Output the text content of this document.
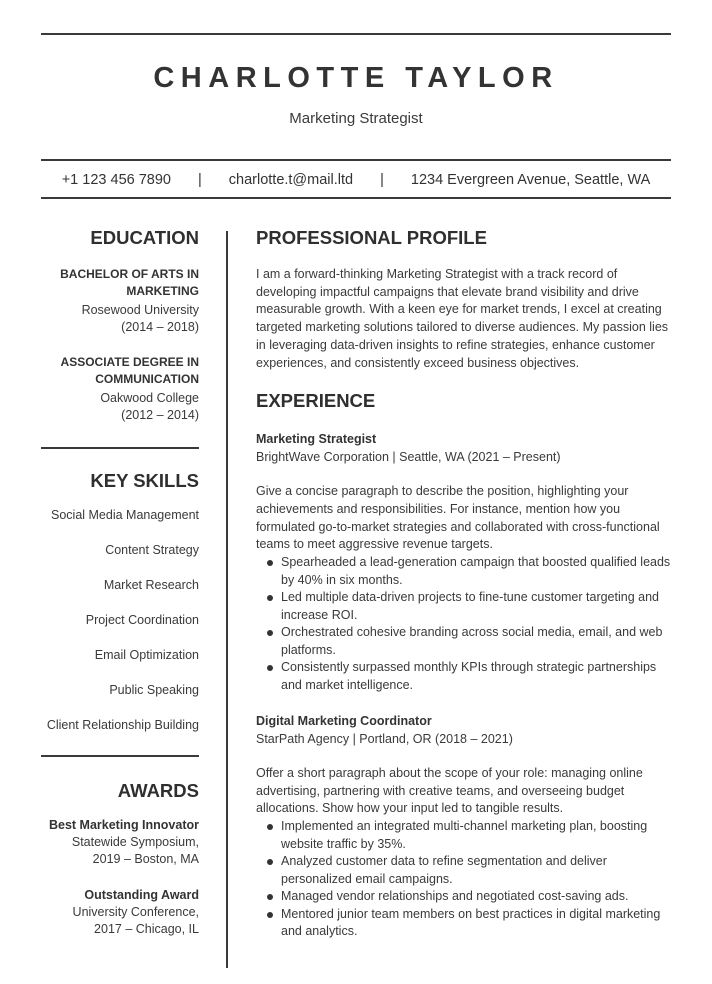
CHARLOTTE TAYLOR
Marketing Strategist
+1 123 456 7890 | charlotte.t@mail.ltd | 1234 Evergreen Avenue, Seattle, WA
EDUCATION
BACHELOR OF ARTS IN MARKETING
Rosewood University
(2014 – 2018)
ASSOCIATE DEGREE IN COMMUNICATION
Oakwood College
(2012 – 2014)
KEY SKILLS
Social Media Management
Content Strategy
Market Research
Project Coordination
Email Optimization
Public Speaking
Client Relationship Building
AWARDS
Best Marketing Innovator
Statewide Symposium,
2019 – Boston, MA
Outstanding Award
University Conference,
2017 – Chicago, IL
PROFESSIONAL PROFILE
I am a forward-thinking Marketing Strategist with a track record of developing impactful campaigns that elevate brand visibility and drive measurable growth. With a keen eye for market trends, I excel at creating targeted marketing solutions tailored to diverse audiences. My passion lies in leveraging data-driven insights to refine strategies, enhance customer experiences, and consistently exceed business objectives.
EXPERIENCE
Marketing Strategist
BrightWave Corporation | Seattle, WA (2021 – Present)
Give a concise paragraph to describe the position, highlighting your achievements and responsibilities. For instance, mention how you formulated go-to-market strategies and collaborated with cross-functional teams to meet aggressive revenue targets.
Spearheaded a lead-generation campaign that boosted qualified leads by 40% in six months.
Led multiple data-driven projects to fine-tune customer targeting and increase ROI.
Orchestrated cohesive branding across social media, email, and web platforms.
Consistently surpassed monthly KPIs through strategic partnerships and market intelligence.
Digital Marketing Coordinator
StarPath Agency | Portland, OR (2018 – 2021)
Offer a short paragraph about the scope of your role: managing online advertising, partnering with creative teams, and overseeing budget allocations. Show how your input led to tangible results.
Implemented an integrated multi-channel marketing plan, boosting website traffic by 35%.
Analyzed customer data to refine segmentation and deliver personalized email campaigns.
Managed vendor relationships and negotiated cost-saving ads.
Mentored junior team members on best practices in digital marketing and analytics.
